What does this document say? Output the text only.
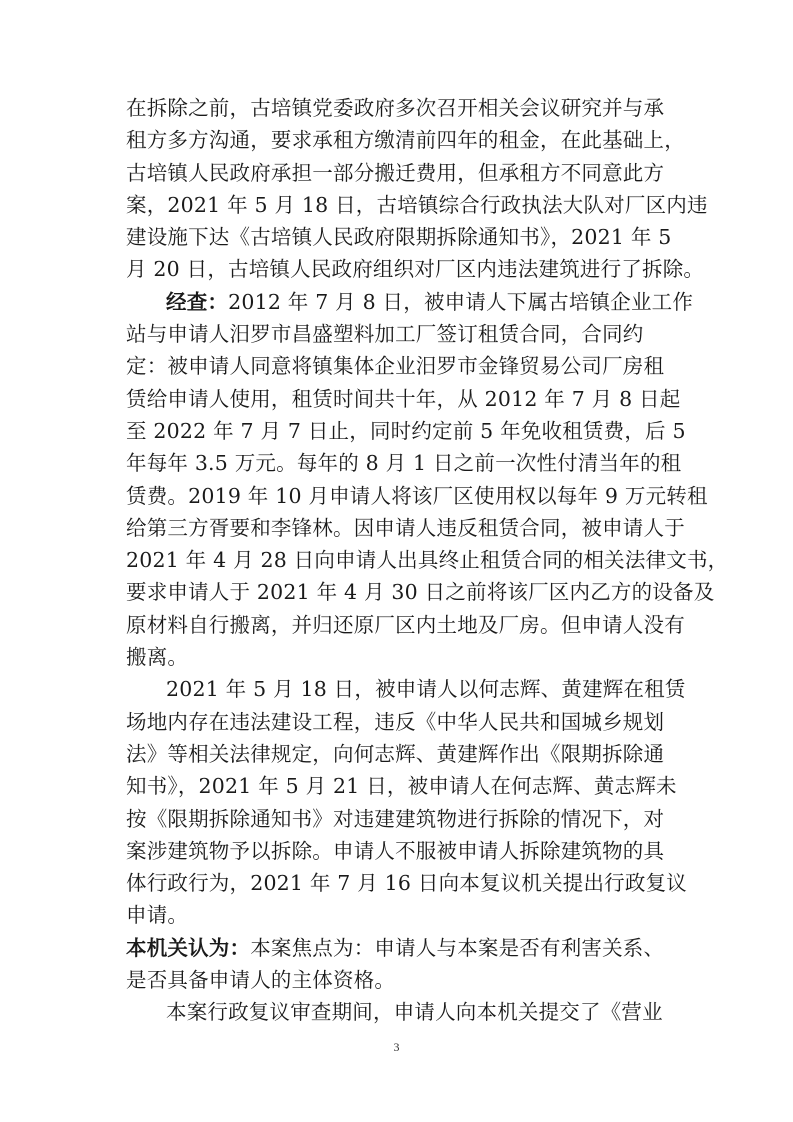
在拆除之前，古培镇党委政府多次召开相关会议研究并与承
租方多方沟通，要求承租方缴清前四年的租金，在此基础上，
古培镇人民政府承担一部分搬迁费用，但承租方不同意此方
案，2021 年 5 月 18 日，古培镇综合行政执法大队对厂区内违
建设施下达《古培镇人民政府限期拆除通知书》，2021 年 5
月 20 日，古培镇人民政府组织对厂区内违法建筑进行了拆除。
经查：2012 年 7 月 8 日，被申请人下属古培镇企业工作
站与申请人汨罗市昌盛塑料加工厂签订租赁合同，合同约
定：被申请人同意将镇集体企业汨罗市金锋贸易公司厂房租
赁给申请人使用，租赁时间共十年，从 2012 年 7 月 8 日起
至 2022 年 7 月 7 日止，同时约定前 5 年免收租赁费，后 5
年每年 3.5 万元。每年的 8 月 1 日之前一次性付清当年的租
赁费。2019 年 10 月申请人将该厂区使用权以每年 9 万元转租
给第三方胥要和李锋林。因申请人违反租赁合同，被申请人于
2021 年 4 月 28 日向申请人出具终止租赁合同的相关法律文书，
要求申请人于 2021 年 4 月 30 日之前将该厂区内乙方的设备及
原材料自行搬离，并归还原厂区内土地及厂房。但申请人没有
搬离。
2021 年 5 月 18 日，被申请人以何志辉、黄建辉在租赁
场地内存在违法建设工程，违反《中华人民共和国城乡规划
法》等相关法律规定，向何志辉、黄建辉作出《限期拆除通
知书》，2021 年 5 月 21 日，被申请人在何志辉、黄志辉未
按《限期拆除通知书》对违建建筑物进行拆除的情况下，对
案涉建筑物予以拆除。申请人不服被申请人拆除建筑物的具
体行政行为，2021 年 7 月 16 日向本复议机关提出行政复议
申请。
本机关认为：本案焦点为：申请人与本案是否有利害关系、
是否具备申请人的主体资格。
本案行政复议审查期间，申请人向本机关提交了《营业
3
